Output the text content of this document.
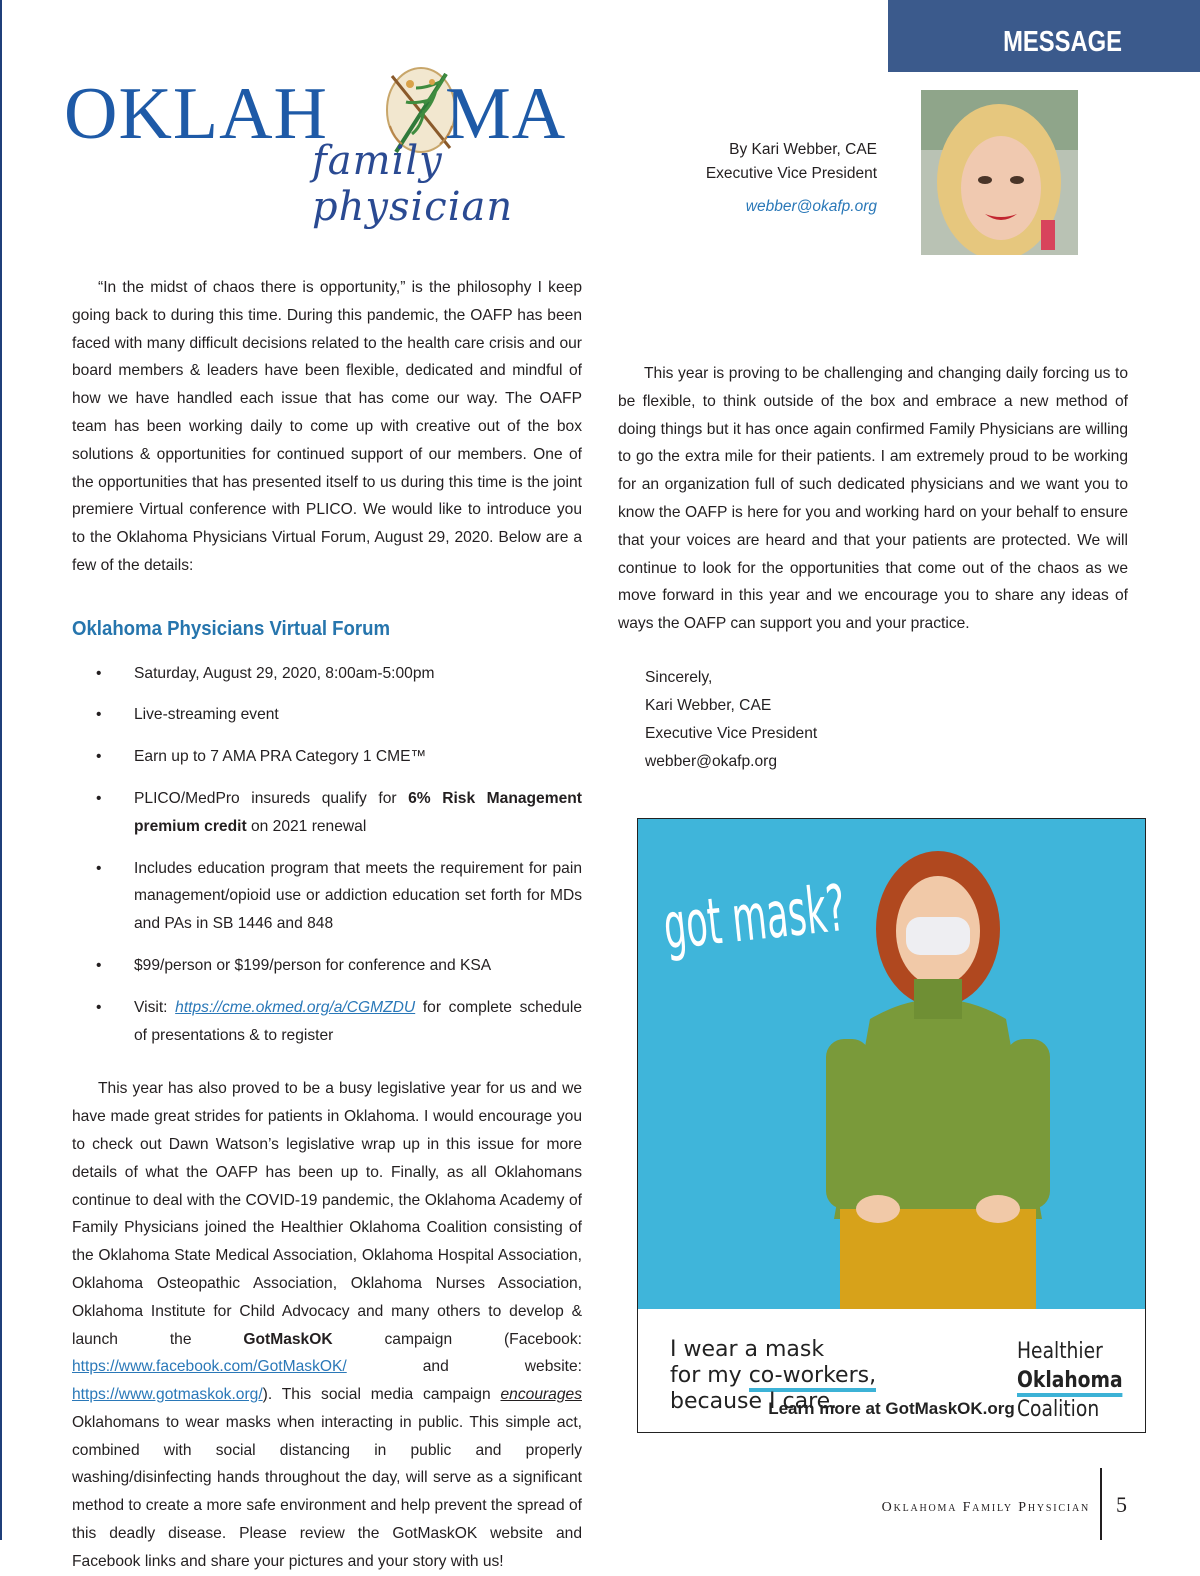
MESSAGE
OKLAH MA
family physician
By Kari Webber, CAE
Executive Vice President
webber@okafp.org

“In the midst of chaos there is opportunity,” is the philosophy I keep going back to during this time. During this pandemic, the OAFP has been faced with many difficult decisions related to the health care crisis and our board members & leaders have been flexible, dedicated and mindful of how we have handled each issue that has come our way. The OAFP team has been working daily to come up with creative out of the box solutions & opportunities for continued support of our members. One of the opportunities that has presented itself to us during this time is the joint premiere Virtual conference with PLICO. We would like to introduce you to the Oklahoma Physicians Virtual Forum, August 29, 2020. Below are a few of the details:

Oklahoma Physicians Virtual Forum
• Saturday, August 29, 2020, 8:00am-5:00pm
• Live-streaming event
• Earn up to 7 AMA PRA Category 1 CME™
• PLICO/MedPro insureds qualify for 6% Risk Management premium credit on 2021 renewal
• Includes education program that meets the requirement for pain management/opioid use or addiction education set forth for MDs and PAs in SB 1446 and 848
• $99/person or $199/person for conference and KSA
• Visit: https://cme.okmed.org/a/CGMZDU for complete schedule of presentations & to register

This year has also proved to be a busy legislative year for us and we have made great strides for patients in Oklahoma. I would encourage you to check out Dawn Watson’s legislative wrap up in this issue for more details of what the OAFP has been up to. Finally, as all Oklahomans continue to deal with the COVID-19 pandemic, the Oklahoma Academy of Family Physicians joined the Healthier Oklahoma Coalition consisting of the Oklahoma State Medical Association, Oklahoma Hospital Association, Oklahoma Osteopathic Association, Oklahoma Nurses Association, Oklahoma Institute for Child Advocacy and many others to develop & launch the GotMaskOK campaign (Facebook: https://www.facebook.com/GotMaskOK/ and website: https://www.gotmaskok.org/). This social media campaign encourages Oklahomans to wear masks when interacting in public. This simple act, combined with social distancing in public and properly washing/disinfecting hands throughout the day, will serve as a significant method to create a more safe environment and help prevent the spread of this deadly disease. Please review the GotMaskOK website and Facebook links and share your pictures and your story with us!

This year is proving to be challenging and changing daily forcing us to be flexible, to think outside of the box and embrace a new method of doing things but it has once again confirmed Family Physicians are willing to go the extra mile for their patients. I am extremely proud to be working for an organization full of such dedicated physicians and we want you to know the OAFP is here for you and working hard on your behalf to ensure that your voices are heard and that your patients are protected. We will continue to look for the opportunities that come out of the chaos as we move forward in this year and we encourage you to share any ideas of ways the OAFP can support you and your practice.

Sincerely,
Kari Webber, CAE
Executive Vice President
webber@okafp.org
got mask?
I wear a mask
for my co-workers,
because I care.
Healthier
Oklahoma
Coalition
Learn more at GotMaskOK.org
Oklahoma Family Physician 5
